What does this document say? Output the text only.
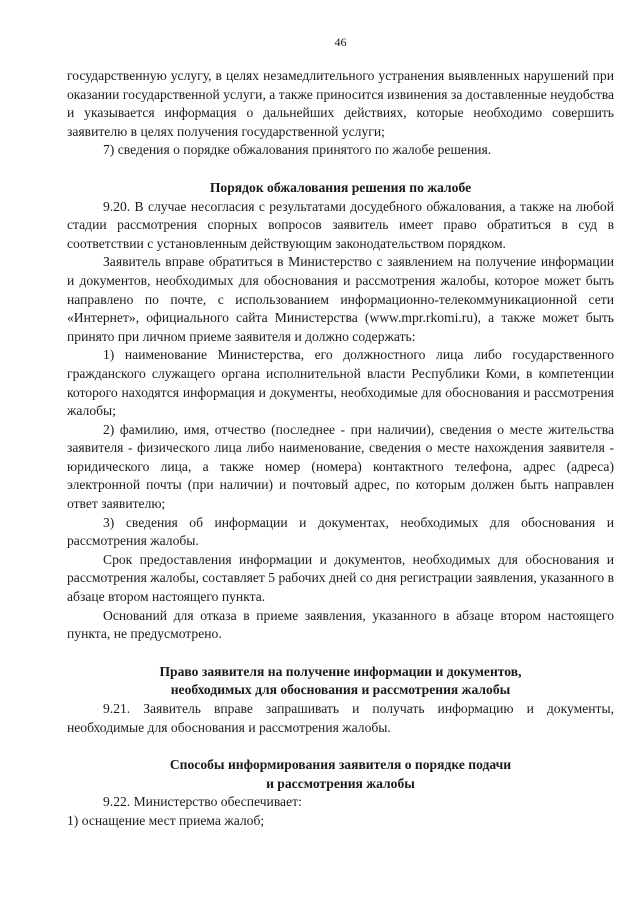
46

государственную услугу, в целях незамедлительного устранения выявленных нарушений при оказании государственной услуги, а также приносится извинения за доставленные неудобства и указывается информация о дальнейших действиях, которые необходимо совершить заявителю в целях получения государственной услуги;

7) сведения о порядке обжалования принятого по жалобе решения.

Порядок обжалования решения по жалобе

9.20. В случае несогласия с результатами досудебного обжалования, а также на любой стадии рассмотрения спорных вопросов заявитель имеет право обратиться в суд в соответствии с установленным действующим законодательством порядком.

Заявитель вправе обратиться в Министерство с заявлением на получение информации и документов, необходимых для обоснования и рассмотрения жалобы, которое может быть направлено по почте, с использованием информационно-телекоммуникационной сети «Интернет», официального сайта Министерства (www.mpr.rkomi.ru), а также может быть принято при личном приеме заявителя и должно содержать:

1) наименование Министерства, его должностного лица либо государственного гражданского служащего органа исполнительной власти Республики Коми, в компетенции которого находятся информация и документы, необходимые для обоснования и рассмотрения жалобы;

2) фамилию, имя, отчество (последнее - при наличии), сведения о месте жительства заявителя - физического лица либо наименование, сведения о месте нахождения заявителя - юридического лица, а также номер (номера) контактного телефона, адрес (адреса) электронной почты (при наличии) и почтовый адрес, по которым должен быть направлен ответ заявителю;

3) сведения об информации и документах, необходимых для обоснования и рассмотрения жалобы.

Срок предоставления информации и документов, необходимых для обоснования и рассмотрения жалобы, составляет 5 рабочих дней со дня регистрации заявления, указанного в абзаце втором настоящего пункта.

Оснований для отказа в приеме заявления, указанного в абзаце втором настоящего пункта, не предусмотрено.

Право заявителя на получение информации и документов,
необходимых для обоснования и рассмотрения жалобы

9.21. Заявитель вправе запрашивать и получать информацию и документы, необходимые для обоснования и рассмотрения жалобы.

Способы информирования заявителя о порядке подачи
и рассмотрения жалобы

9.22. Министерство обеспечивает:

1) оснащение мест приема жалоб;
